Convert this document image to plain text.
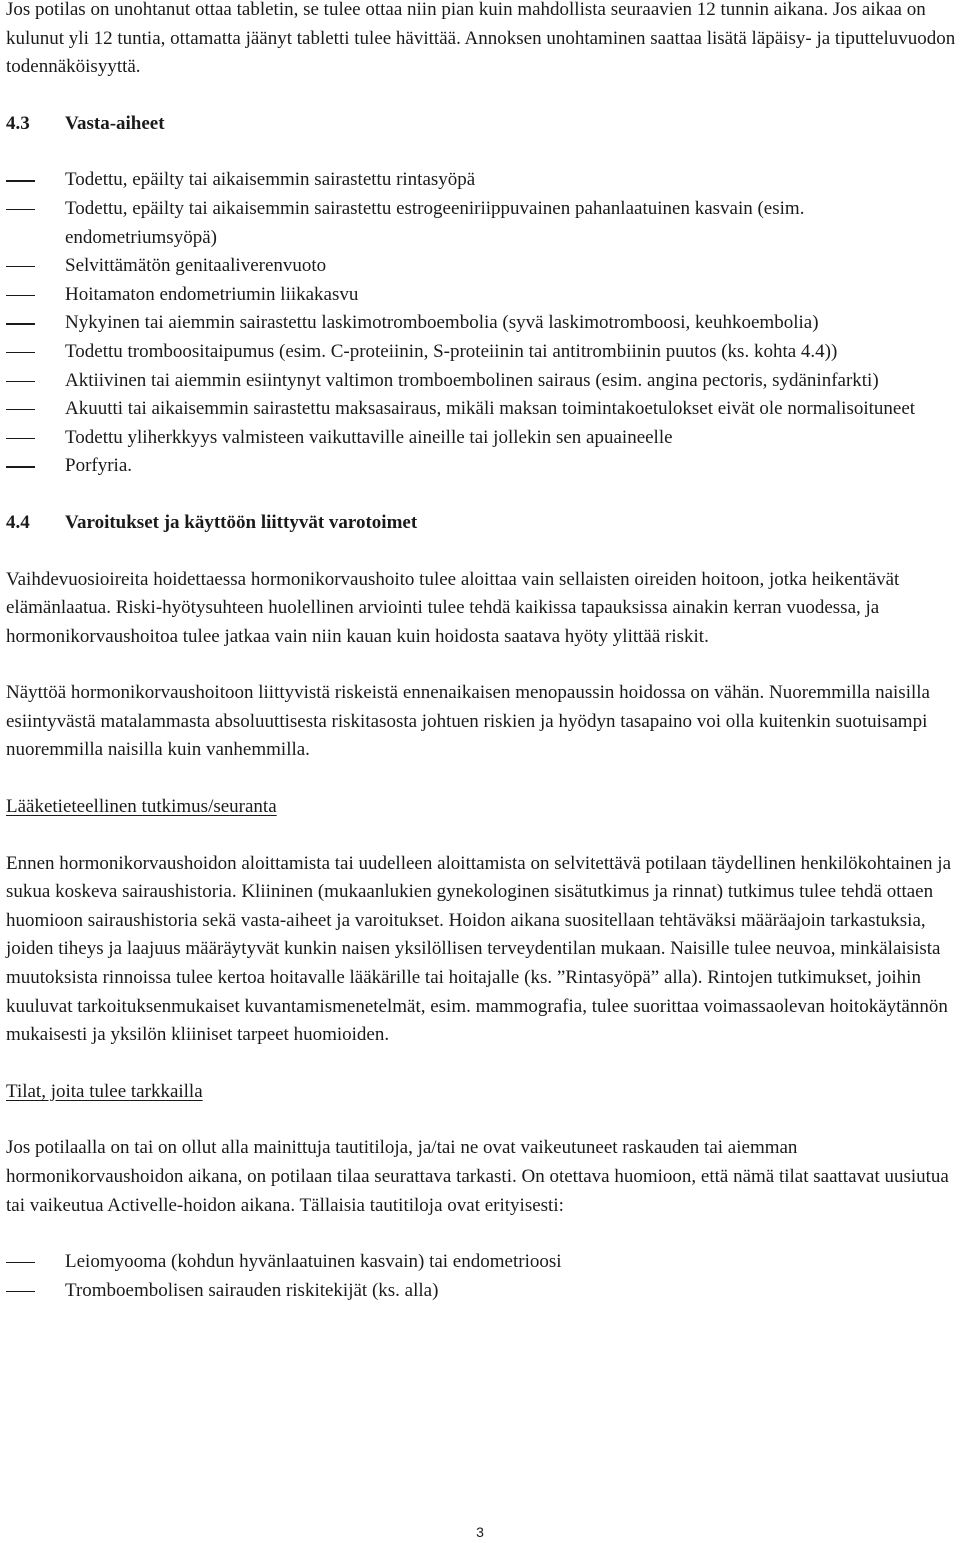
Jos potilas on unohtanut ottaa tabletin, se tulee ottaa niin pian kuin mahdollista seuraavien 12 tunnin aikana. Jos aikaa on kulunut yli 12 tuntia, ottamatta jäänyt tabletti tulee hävittää. Annoksen unohtaminen saattaa lisätä läpäisy- ja tiputteluvuodon todennäköisyyttä.

4.3 Vasta-aiheet

Todettu, epäilty tai aikaisemmin sairastettu rintasyöpä
Todettu, epäilty tai aikaisemmin sairastettu estrogeeniriippuvainen pahanlaatuinen kasvain (esim. endometriumsyöpä)
Selvittämätön genitaaliverenvuoto
Hoitamaton endometriumin liikakasvu
Nykyinen tai aiemmin sairastettu laskimotromboembolia (syvä laskimotromboosi, keuhkoembolia)
Todettu tromboositaipumus (esim. C-proteiinin, S-proteiinin tai antitrombiinin puutos (ks. kohta 4.4))
Aktiivinen tai aiemmin esiintynyt valtimon tromboembolinen sairaus (esim. angina pectoris, sydäninfarkti)
Akuutti tai aikaisemmin sairastettu maksasairaus, mikäli maksan toimintakoetulokset eivät ole normalisoituneet
Todettu yliherkkyys valmisteen vaikuttaville aineille tai jollekin sen apuaineelle
Porfyria.

4.4 Varoitukset ja käyttöön liittyvät varotoimet

Vaihdevuosioireita hoidettaessa hormonikorvaushoito tulee aloittaa vain sellaisten oireiden hoitoon, jotka heikentävät elämänlaatua. Riski-hyötysuhteen huolellinen arviointi tulee tehdä kaikissa tapauksissa ainakin kerran vuodessa, ja hormonikorvaushoitoa tulee jatkaa vain niin kauan kuin hoidosta saatava hyöty ylittää riskit.

Näyttöä hormonikorvaushoitoon liittyvistä riskeistä ennenaikaisen menopaussin hoidossa on vähän. Nuoremmilla naisilla esiintyvästä matalammasta absoluuttisesta riskitasosta johtuen riskien ja hyödyn tasapaino voi olla kuitenkin suotuisampi nuoremmilla naisilla kuin vanhemmilla.

Lääketieteellinen tutkimus/seuranta

Ennen hormonikorvaushoidon aloittamista tai uudelleen aloittamista on selvitettävä potilaan täydellinen henkilökohtainen ja sukua koskeva sairaushistoria. Kliininen (mukaanlukien gynekologinen sisätutkimus ja rinnat) tutkimus tulee tehdä ottaen huomioon sairaushistoria sekä vasta-aiheet ja varoitukset. Hoidon aikana suositellaan tehtäväksi määräajoin tarkastuksia, joiden tiheys ja laajuus määräytyvät kunkin naisen yksilöllisen terveydentilan mukaan. Naisille tulee neuvoa, minkälaisista muutoksista rinnoissa tulee kertoa hoitavalle lääkärille tai hoitajalle (ks. ”Rintasyöpä” alla). Rintojen tutkimukset, joihin kuuluvat tarkoituksenmukaiset kuvantamismenetelmät, esim. mammografia, tulee suorittaa voimassaolevan hoitokäytännön mukaisesti ja yksilön kliiniset tarpeet huomioiden.

Tilat, joita tulee tarkkailla

Jos potilaalla on tai on ollut alla mainittuja tautitiloja, ja/tai ne ovat vaikeutuneet raskauden tai aiemman hormonikorvaushoidon aikana, on potilaan tilaa seurattava tarkasti. On otettava huomioon, että nämä tilat saattavat uusiutua tai vaikeutua Activelle-hoidon aikana. Tällaisia tautitiloja ovat erityisesti:

Leiomyooma (kohdun hyvänlaatuinen kasvain) tai endometrioosi
Tromboembolisen sairauden riskitekijät (ks. alla)
3
